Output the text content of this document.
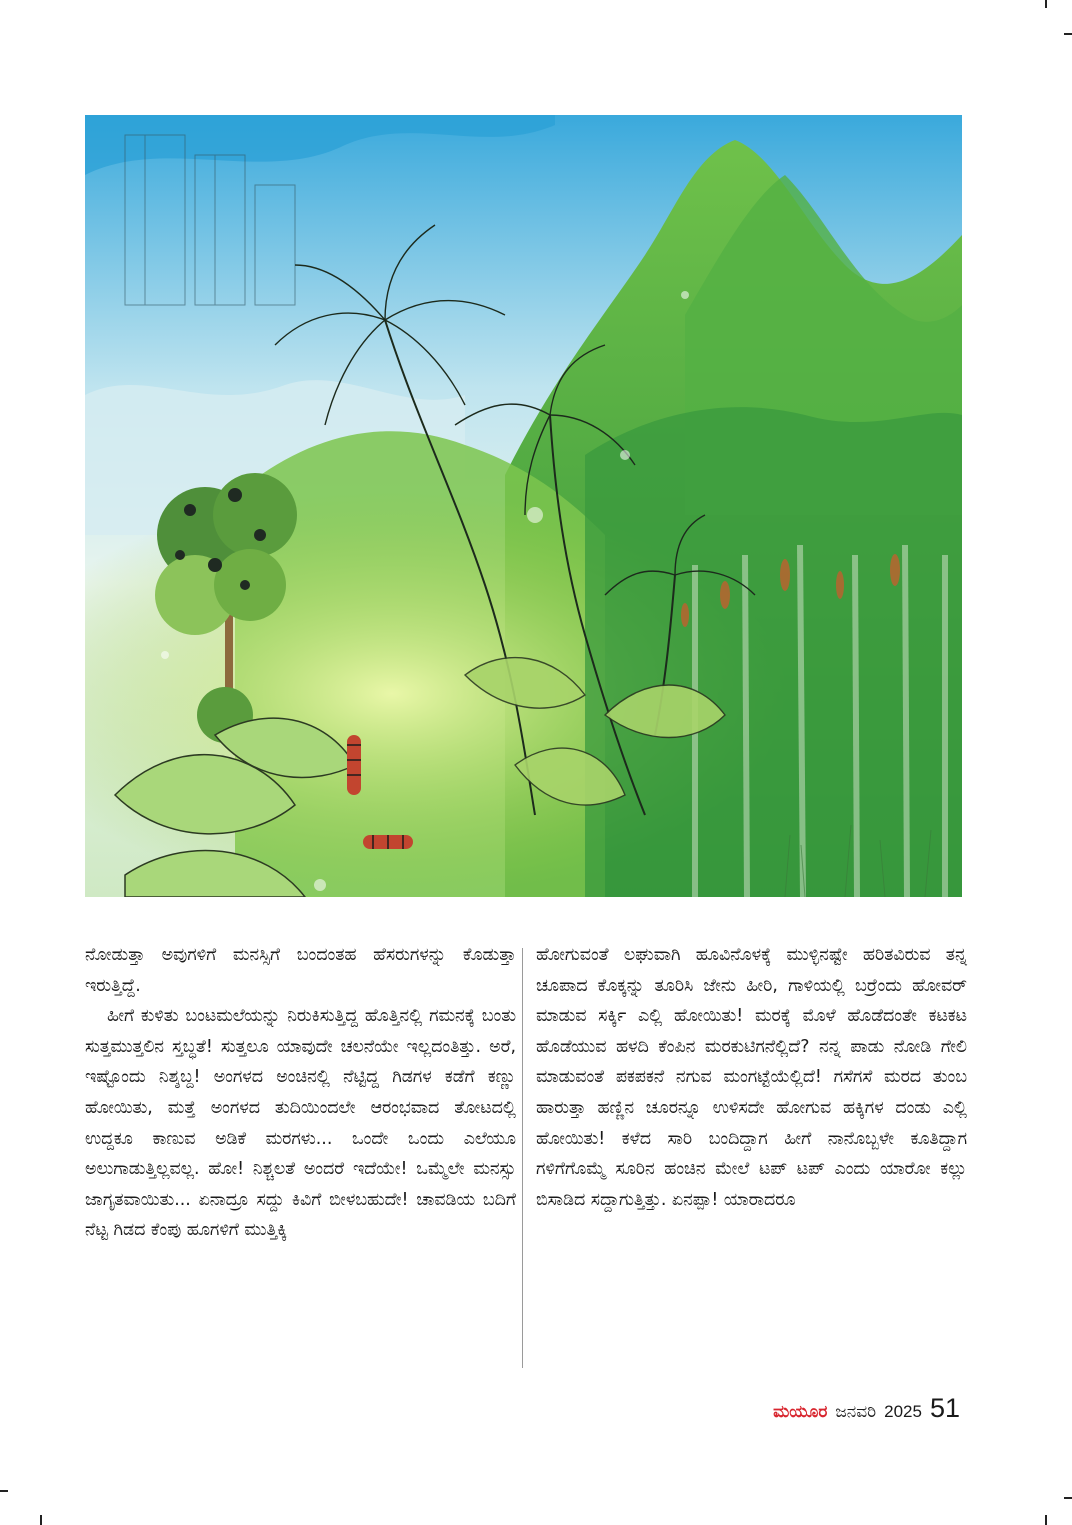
ನೋಡುತ್ತಾ ಅವುಗಳಿಗೆ ಮನಸ್ಸಿಗೆ ಬಂದಂತಹ ಹೆಸರುಗಳನ್ನು ಕೊಡುತ್ತಾ ಇರುತ್ತಿದ್ದೆ.

ಹೀಗೆ ಕುಳಿತು ಬಂಟಮಲೆಯನ್ನು ನಿರುಕಿಸುತ್ತಿದ್ದ ಹೊತ್ತಿನಲ್ಲಿ ಗಮನಕ್ಕೆ ಬಂತು ಸುತ್ತಮುತ್ತಲಿನ ಸ್ತಬ್ಧತೆ! ಸುತ್ತಲೂ ಯಾವುದೇ ಚಲನೆಯೇ ಇಲ್ಲದಂತಿತ್ತು. ಅರೆ, ಇಷ್ಟೊಂದು ನಿಶ್ಶಬ್ದ! ಅಂಗಳದ ಅಂಚಿನಲ್ಲಿ ನೆಟ್ಟಿದ್ದ ಗಿಡಗಳ ಕಡೆಗೆ ಕಣ್ಣು ಹೋಯಿತು, ಮತ್ತೆ ಅಂಗಳದ ತುದಿಯಿಂದಲೇ ಆರಂಭವಾದ ತೋಟದಲ್ಲಿ ಉದ್ದಕೂ ಕಾಣುವ ಅಡಿಕೆ ಮರಗಳು... ಒಂದೇ ಒಂದು ಎಲೆಯೂ ಅಲುಗಾಡುತ್ತಿಲ್ಲವಲ್ಲ. ಹೋ! ನಿಶ್ಚಲತೆ ಅಂದರೆ ಇದೆಯೇ! ಒಮ್ಮೆಲೇ ಮನಸ್ಸು ಜಾಗೃತವಾಯಿತು... ಏನಾದ್ರೂ ಸದ್ದು ಕಿವಿಗೆ ಬೀಳಬಹುದೇ! ಚಾವಡಿಯ ಬದಿಗೆ ನೆಟ್ಟ ಗಿಡದ ಕೆಂಪು ಹೂಗಳಿಗೆ ಮುತ್ತಿಕ್ಕಿ

ಹೋಗುವಂತೆ ಲಘುವಾಗಿ ಹೂವಿನೊಳಕ್ಕೆ ಮುಳ್ಳಿನಷ್ಟೇ ಹರಿತವಿರುವ ತನ್ನ ಚೂಪಾದ ಕೊಕ್ಕನ್ನು ತೂರಿಸಿ ಜೇನು ಹೀರಿ, ಗಾಳಿಯಲ್ಲಿ ಬರ್ರೆಂದು ಹೋವರ್ ಮಾಡುವ ಸರ್ಕ್ಕಿ ಎಲ್ಲಿ ಹೋಯಿತು! ಮರಕ್ಕೆ ಮೊಳೆ ಹೊಡೆದಂತೇ ಕಟಕಟ ಹೊಡೆಯುವ ಹಳದಿ ಕೆಂಪಿನ ಮರಕುಟಿಗನೆಲ್ಲಿದೆ? ನನ್ನ ಪಾಡು ನೋಡಿ ಗೇಲಿ ಮಾಡುವಂತೆ ಪಕಪಕನೆ ನಗುವ ಮಂಗಟ್ಟೆಯೆಲ್ಲಿದೆ! ಗಸೆಗಸೆ ಮರದ ತುಂಬ ಹಾರುತ್ತಾ ಹಣ್ಣಿನ ಚೂರನ್ನೂ ಉಳಿಸದೇ ಹೋಗುವ ಹಕ್ಕಿಗಳ ದಂಡು ಎಲ್ಲಿ ಹೋಯಿತು! ಕಳೆದ ಸಾರಿ ಬಂದಿದ್ದಾಗ ಹೀಗೆ ನಾನೊಬ್ಬಳೇ ಕೂತಿದ್ದಾಗ ಗಳಿಗೆಗೊಮ್ಮೆ ಸೂರಿನ ಹಂಚಿನ ಮೇಲೆ ಟಪ್ ಟಪ್ ಎಂದು ಯಾರೋ ಕಲ್ಲು ಬಿಸಾಡಿದ ಸದ್ದಾಗುತ್ತಿತ್ತು. ಏನಪ್ಪಾ! ಯಾರಾದರೂ

ಮಯೂರ ಜನವರಿ 2025 51
